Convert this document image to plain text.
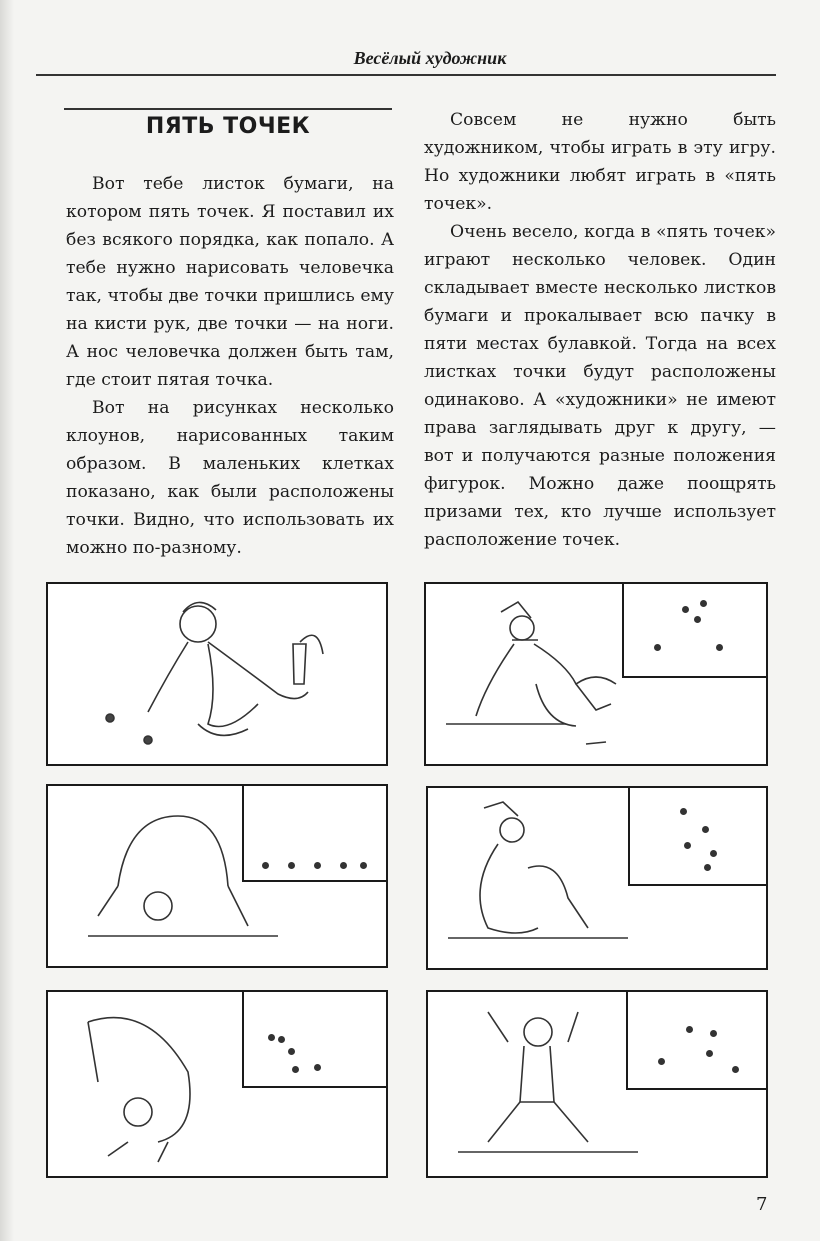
Весёлый художник
ПЯТЬ ТОЧЕК

Вот тебе листок бумаги, на котором пять точек. Я поставил их без всякого порядка, как попало. А тебе нужно нарисовать человечка так, чтобы две точки пришлись ему на кисти рук, две точки — на ноги. А нос человечка должен быть там, где стоит пятая точка.

Вот на рисунках несколько клоунов, нарисованных таким образом. В маленьких клетках показано, как были расположены точки. Видно, что использовать их можно по-разному.

Совсем не нужно быть художником, чтобы играть в эту игру. Но художники любят играть в «пять точек».

Очень весело, когда в «пять точек» играют несколько человек. Один складывает вместе несколько листков бумаги и прокалывает всю пачку в пяти местах булавкой. Тогда на всех листках точки будут расположены одинаково. А «художники» не имеют права заглядывать друг к другу, — вот и получаются разные положения фигурок. Можно даже поощрять призами тех, кто лучше использует расположение точек.

7
